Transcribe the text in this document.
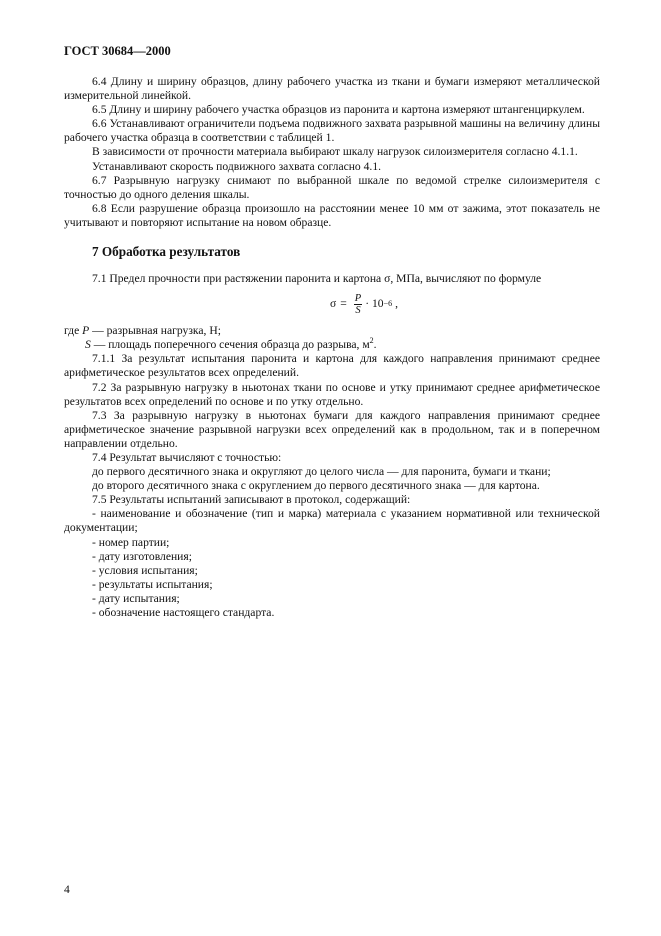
ГОСТ 30684—2000

6.4 Длину и ширину образцов, длину рабочего участка из ткани и бумаги измеряют металлической измерительной линейкой.

6.5 Длину и ширину рабочего участка образцов из паронита и картона измеряют штангенциркулем.

6.6 Устанавливают ограничители подъема подвижного захвата разрывной машины на величину длины рабочего участка образца в соответствии с таблицей 1.

В зависимости от прочности материала выбирают шкалу нагрузок силоизмерителя согласно 4.1.1.

Устанавливают скорость подвижного захвата согласно 4.1.

6.7 Разрывную нагрузку снимают по выбранной шкале по ведомой стрелке силоизмерителя с точностью до одного деления шкалы.

6.8 Если разрушение образца произошло на расстоянии менее 10 мм от зажима, этот показатель не учитывают и повторяют испытание на новом образце.

7 Обработка результатов

7.1 Предел прочности при растяжении паронита и картона σ, МПа, вычисляют по формуле

$\sigma = \frac{P}{S} \cdot 10 -6$ ,

где P — разрывная нагрузка, Н;

S — площадь поперечного сечения образца до разрыва, $м^2$.

7.1.1 За результат испытания паронита и картона для каждого направления принимают среднее арифметическое результатов всех определений.

7.2 За разрывную нагрузку в ньютонах ткани по основе и утку принимают среднее арифметическое результатов всех определений по основе и по утку отдельно.

7.3 За разрывную нагрузку в ньютонах бумаги для каждого направления принимают среднее арифметическое значение разрывной нагрузки всех определений как в продольном, так и в поперечном направлении отдельно.

7.4 Результат вычисляют с точностью:

до первого десятичного знака и округляют до целого числа — для паронита, бумаги и ткани;

до второго десятичного знака с округлением до первого десятичного знака — для картона.

7.5 Результаты испытаний записывают в протокол, содержащий:

- наименование и обозначение (тип и марка) материала с указанием нормативной или технической документации;

- номер партии;

- дату изготовления;

- условия испытания;

- результаты испытания;

- дату испытания;

- обозначение настоящего стандарта.

4
